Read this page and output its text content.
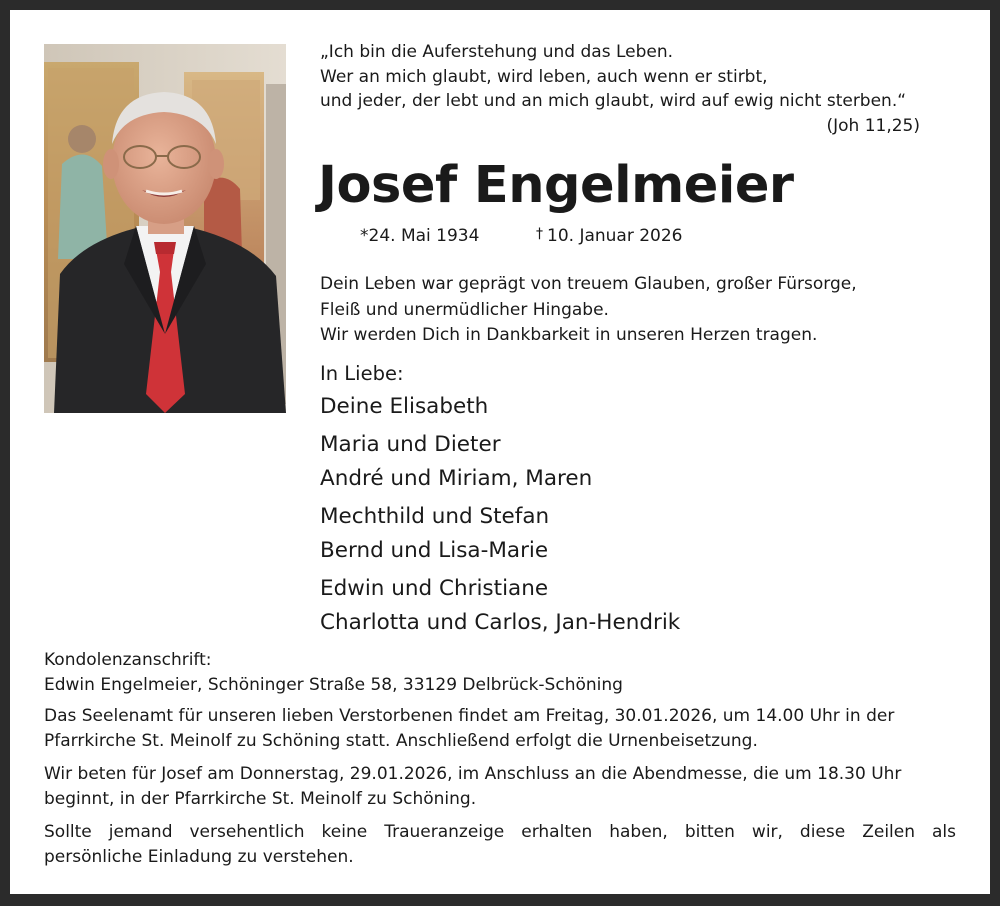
„Ich bin die Auferstehung und das Leben.
Wer an mich glaubt, wird leben, auch wenn er stirbt,
und jeder, der lebt und an mich glaubt, wird auf ewig nicht sterben.“
(Joh 11,25)
Josef Engelmeier
*24. Mai 1934	† 10. Januar 2026
Dein Leben war geprägt von treuem Glauben, großer Fürsorge,
Fleiß und unermüdlicher Hingabe.
Wir werden Dich in Dankbarkeit in unseren Herzen tragen.
In Liebe:
Deine Elisabeth
Maria und Dieter
André und Miriam, Maren
Mechthild und Stefan
Bernd und Lisa-Marie
Edwin und Christiane
Charlotta und Carlos, Jan-Hendrik
Kondolenzanschrift:
Edwin Engelmeier, Schöninger Straße 58, 33129 Delbrück-Schöning
Das Seelenamt für unseren lieben Verstorbenen findet am Freitag, 30.01.2026, um 14.00 Uhr in der
Pfarrkirche St. Meinolf zu Schöning statt. Anschließend erfolgt die Urnenbeisetzung.
Wir beten für Josef am Donnerstag, 29.01.2026, im Anschluss an die Abendmesse, die um 18.30 Uhr
beginnt, in der Pfarrkirche St. Meinolf zu Schöning.
Sollte jemand versehentlich keine Traueranzeige erhalten haben, bitten wir, diese Zeilen als
persönliche Einladung zu verstehen.
